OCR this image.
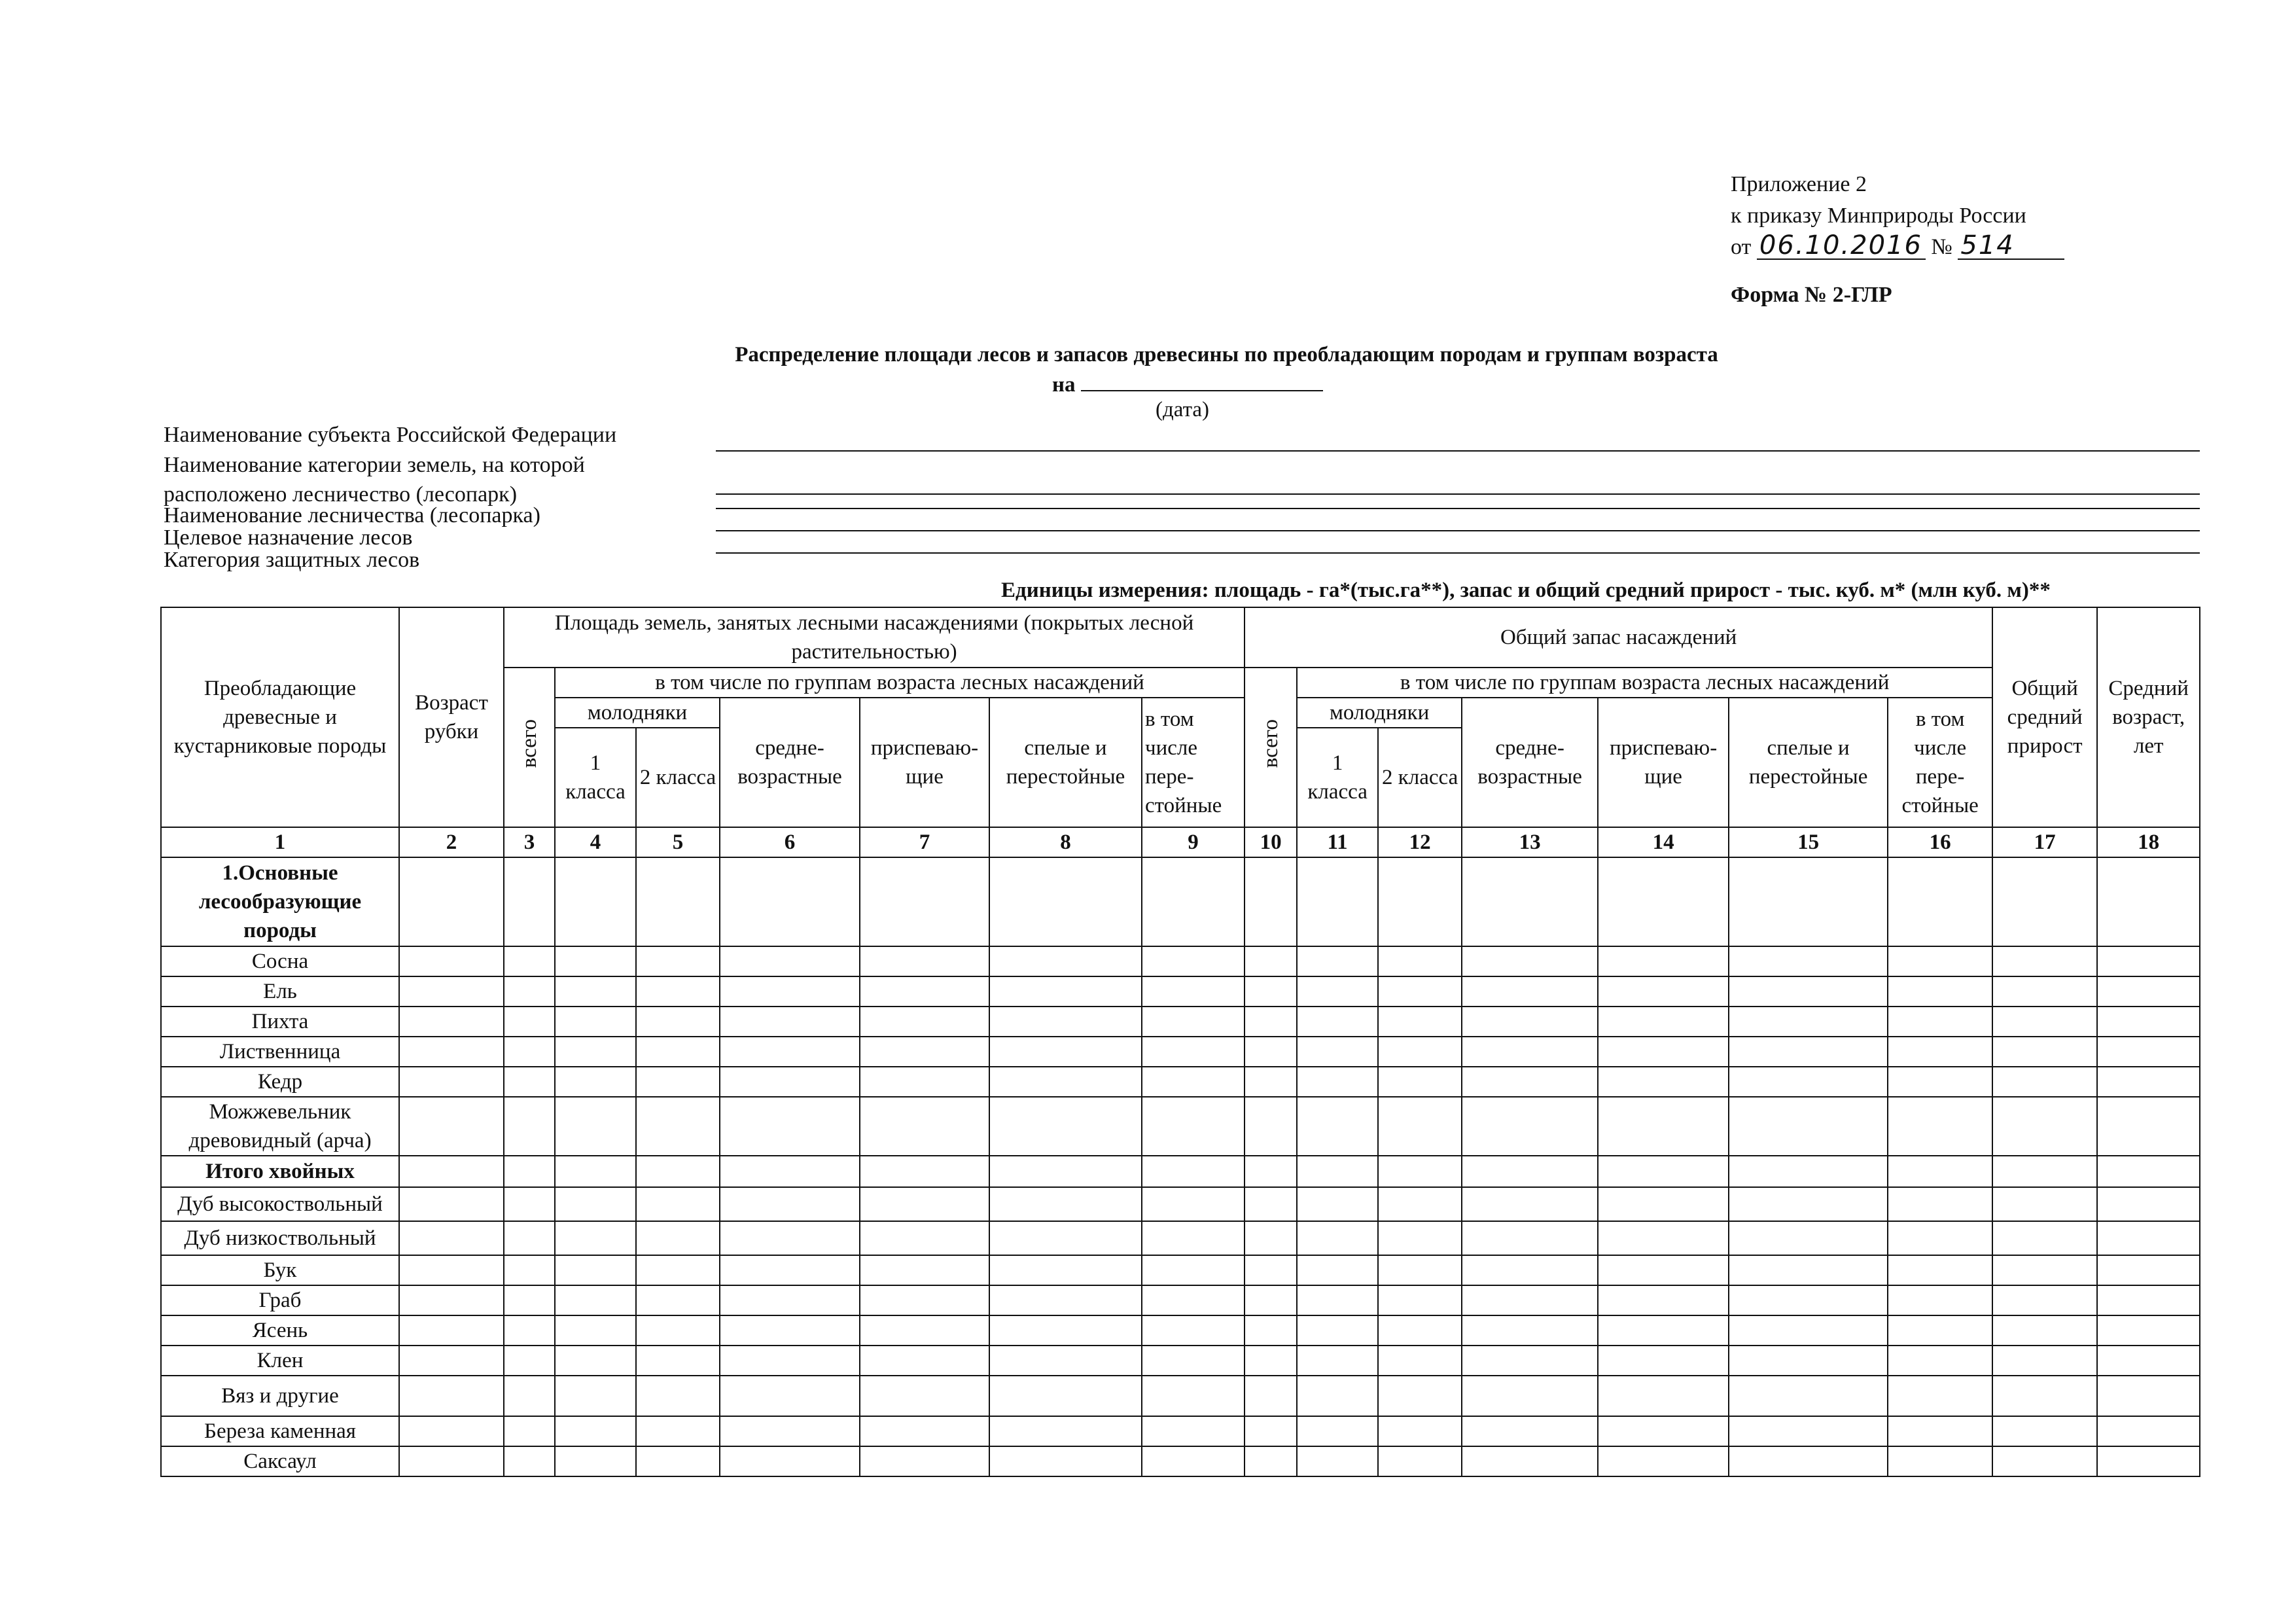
Приложение 2
к приказу Минприроды России
от 06.10.2016 № 514
Форма № 2-ГЛР
Распределение площади лесов и запасов древесины по преобладающим породам и группам возраста
на
(дата)
Наименование субъекта Российской Федерации
Наименование категории земель, на которой
расположено лесничество (лесопарк)
Наименование лесничества (лесопарка)
Целевое назначение лесов
Категория защитных лесов
Единицы измерения: площадь - га*(тыс.га**), запас и общий средний прирост - тыс. куб. м* (млн куб. м)**
Преобладающие древесные и кустарниковые породы	Возраст рубки	Площадь земель, занятых лесными насаждениями (покрытых лесной растительностью)							Общий запас насаждений							Общий средний прирост	Средний возраст, лет
		всего	в том числе по группам возраста лесных насаждений						всего	в том числе по группам возраста лесных насаждений							
			молодняки		средне-возрастные	приспеваю-щие	спелые и перестойные	в том числе пере-стойные		молодняки		средне-возрастные	приспеваю-щие	спелые и перестойные	в том числе пере-стойные		
			1 класса	2 класса						1 класса	2 класса						
1	2	3	4	5	6	7	8	9	10	11	12	13	14	15	16	17	18
1.Основные лесообразующие породы																	
Сосна																	
Ель																	
Пихта																	
Лиственница																	
Кедр																	
Можжевельник древовидный (арча)																	
Итого хвойных																	
Дуб высокоствольный																	
Дуб низкоствольный																	
Бук																	
Граб																	
Ясень																	
Клен																	
Вяз и другие																	
Береза каменная																	
Саксаул																	
